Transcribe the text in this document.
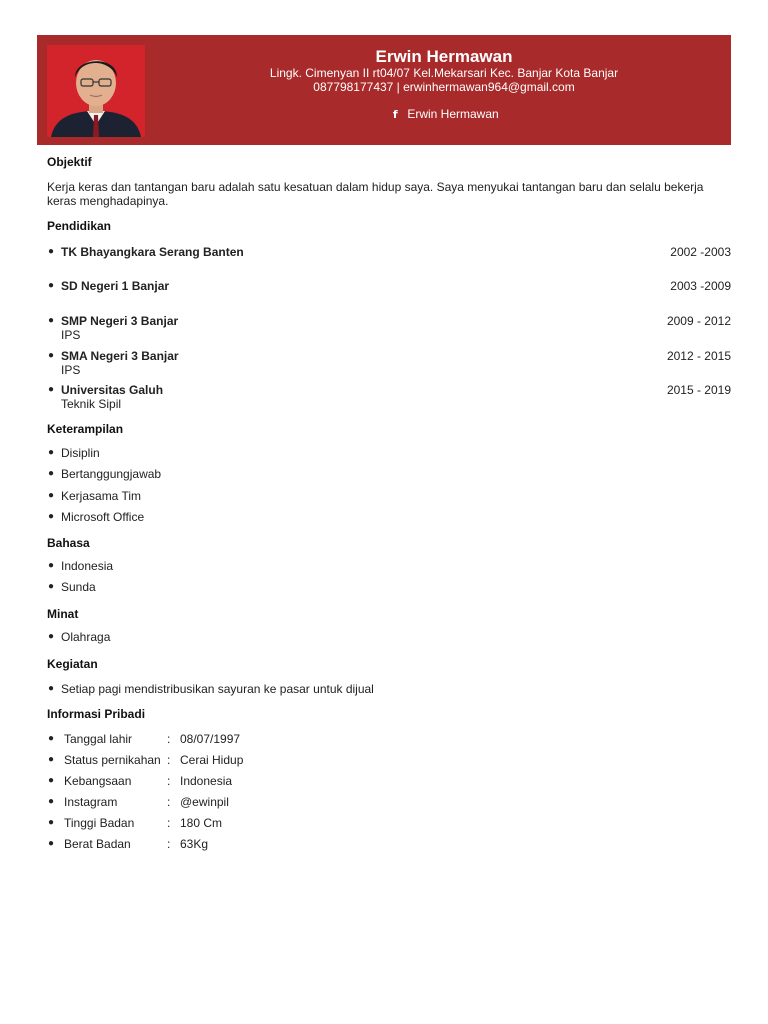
Erwin Hermawan
Lingk. Cimenyan II rt04/07 Kel.Mekarsari Kec. Banjar Kota Banjar
087798177437 | erwinhermawan964@gmail.com
f Erwin Hermawan
Objektif
Kerja keras dan tantangan baru adalah satu kesatuan dalam hidup saya. Saya menyukai tantangan baru dan selalu bekerja keras menghadapinya.
Pendidikan
● TK Bhayangkara Serang Banten	2002 -2003
● SD Negeri 1 Banjar	2003 -2009
● SMP Negeri 3 Banjar	2009 - 2012
IPS
● SMA Negeri 3 Banjar	2012 - 2015
IPS
● Universitas Galuh	2015 - 2019
Teknik Sipil
Keterampilan
● Disiplin
● Bertanggungjawab
● Kerjasama Tim
● Microsoft Office
Bahasa
● Indonesia
● Sunda
Minat
● Olahraga
Kegiatan
● Setiap pagi mendistribusikan sayuran ke pasar untuk dijual
Informasi Pribadi
● Tanggal lahir	: 08/07/1997
● Status pernikahan : Cerai Hidup
● Kebangsaan	: Indonesia
● Instagram	: @ewinpil
● Tinggi Badan	: 180 Cm
● Berat Badan	: 63Kg
